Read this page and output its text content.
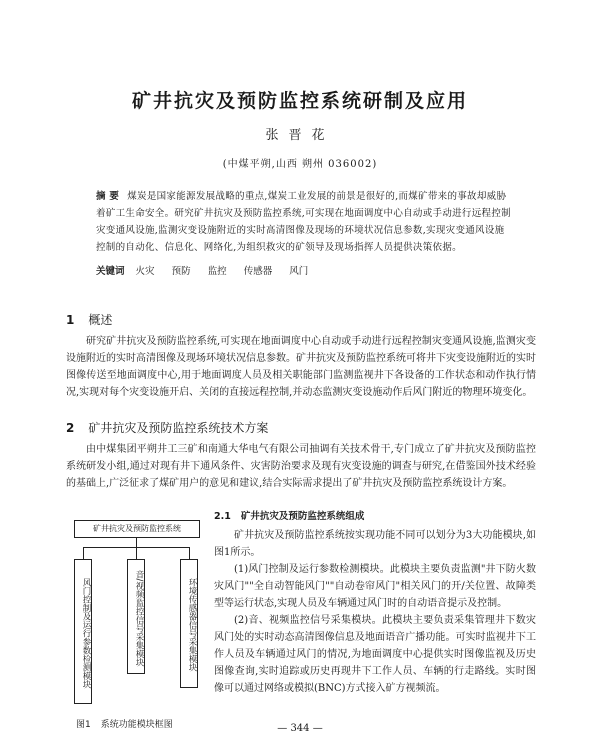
矿井抗灾及预防监控系统研制及应用
张晋花
(中煤平朔,山西 朔州 036002)
摘 要 煤炭是国家能源发展战略的重点,煤炭工业发展的前景是很好的,而煤矿带来的事故却威胁着矿工生命安全。研究矿井抗灾及预防监控系统,可实现在地面调度中心自动或手动进行远程控制灾变通风设施,监测灾变设施附近的实时高清图像及现场的环境状况信息参数,实现灾变通风设施控制的自动化、信息化、网络化,为组织救灾的矿领导及现场指挥人员提供决策依据。
关键词 火灾 预防 监控 传感器 风门
1 概述
研究矿井抗灾及预防监控系统,可实现在地面调度中心自动或手动进行远程控制灾变通风设施,监测灾变设施附近的实时高清图像及现场环境状况信息参数。矿井抗灾及预防监控系统可将井下灾变设施附近的实时图像传送至地面调度中心,用于地面调度人员及相关职能部门监测监视井下各设备的工作状态和动作执行情况,实现对每个灾变设施开启、关闭的直接远程控制,并动态监测灾变设施动作后风门附近的物理环境变化。
2 矿井抗灾及预防监控系统技术方案
由中煤集团平朔井工三矿和南通大华电气有限公司抽调有关技术骨干,专门成立了矿井抗灾及预防监控系统研发小组,通过对现有井下通风条件、灾害防治要求及现有灾变设施的调查与研究,在借鉴国外技术经验的基础上,广泛征求了煤矿用户的意见和建议,结合实际需求提出了矿井抗灾及预防监控系统设计方案。
矿井抗灾及预防监控系统
风门控制及运行参数检测模块	音/视频监控信号采集模块	环境传感器信号采集模块
图1 系统功能模块框图
2.1 矿井抗灾及预防监控系统组成

矿井抗灾及预防监控系统按实现功能不同可以划分为3大功能模块,如图1所示。

(1)风门控制及运行参数检测模块。此模块主要负责监测"井下防火数灾风门""全自动智能风门""自动卷帘风门"相关风门的开/关位置、故障类型等运行状态,实现人员及车辆通过风门时的自动语音提示及控制。

(2)音、视频监控信号采集模块。此模块主要负责采集管理井下数灾风门处的实时动态高清图像信息及地面语音广播功能。可实时监视井下工作人员及车辆通过风门的情况,为地面调度中心提供实时图像监视及历史图像查询,实时追踪或历史再现井下工作人员、车辆的行走路线。实时图像可以通过网络或模拟(BNC)方式接入矿方视频流。

— 344 —
